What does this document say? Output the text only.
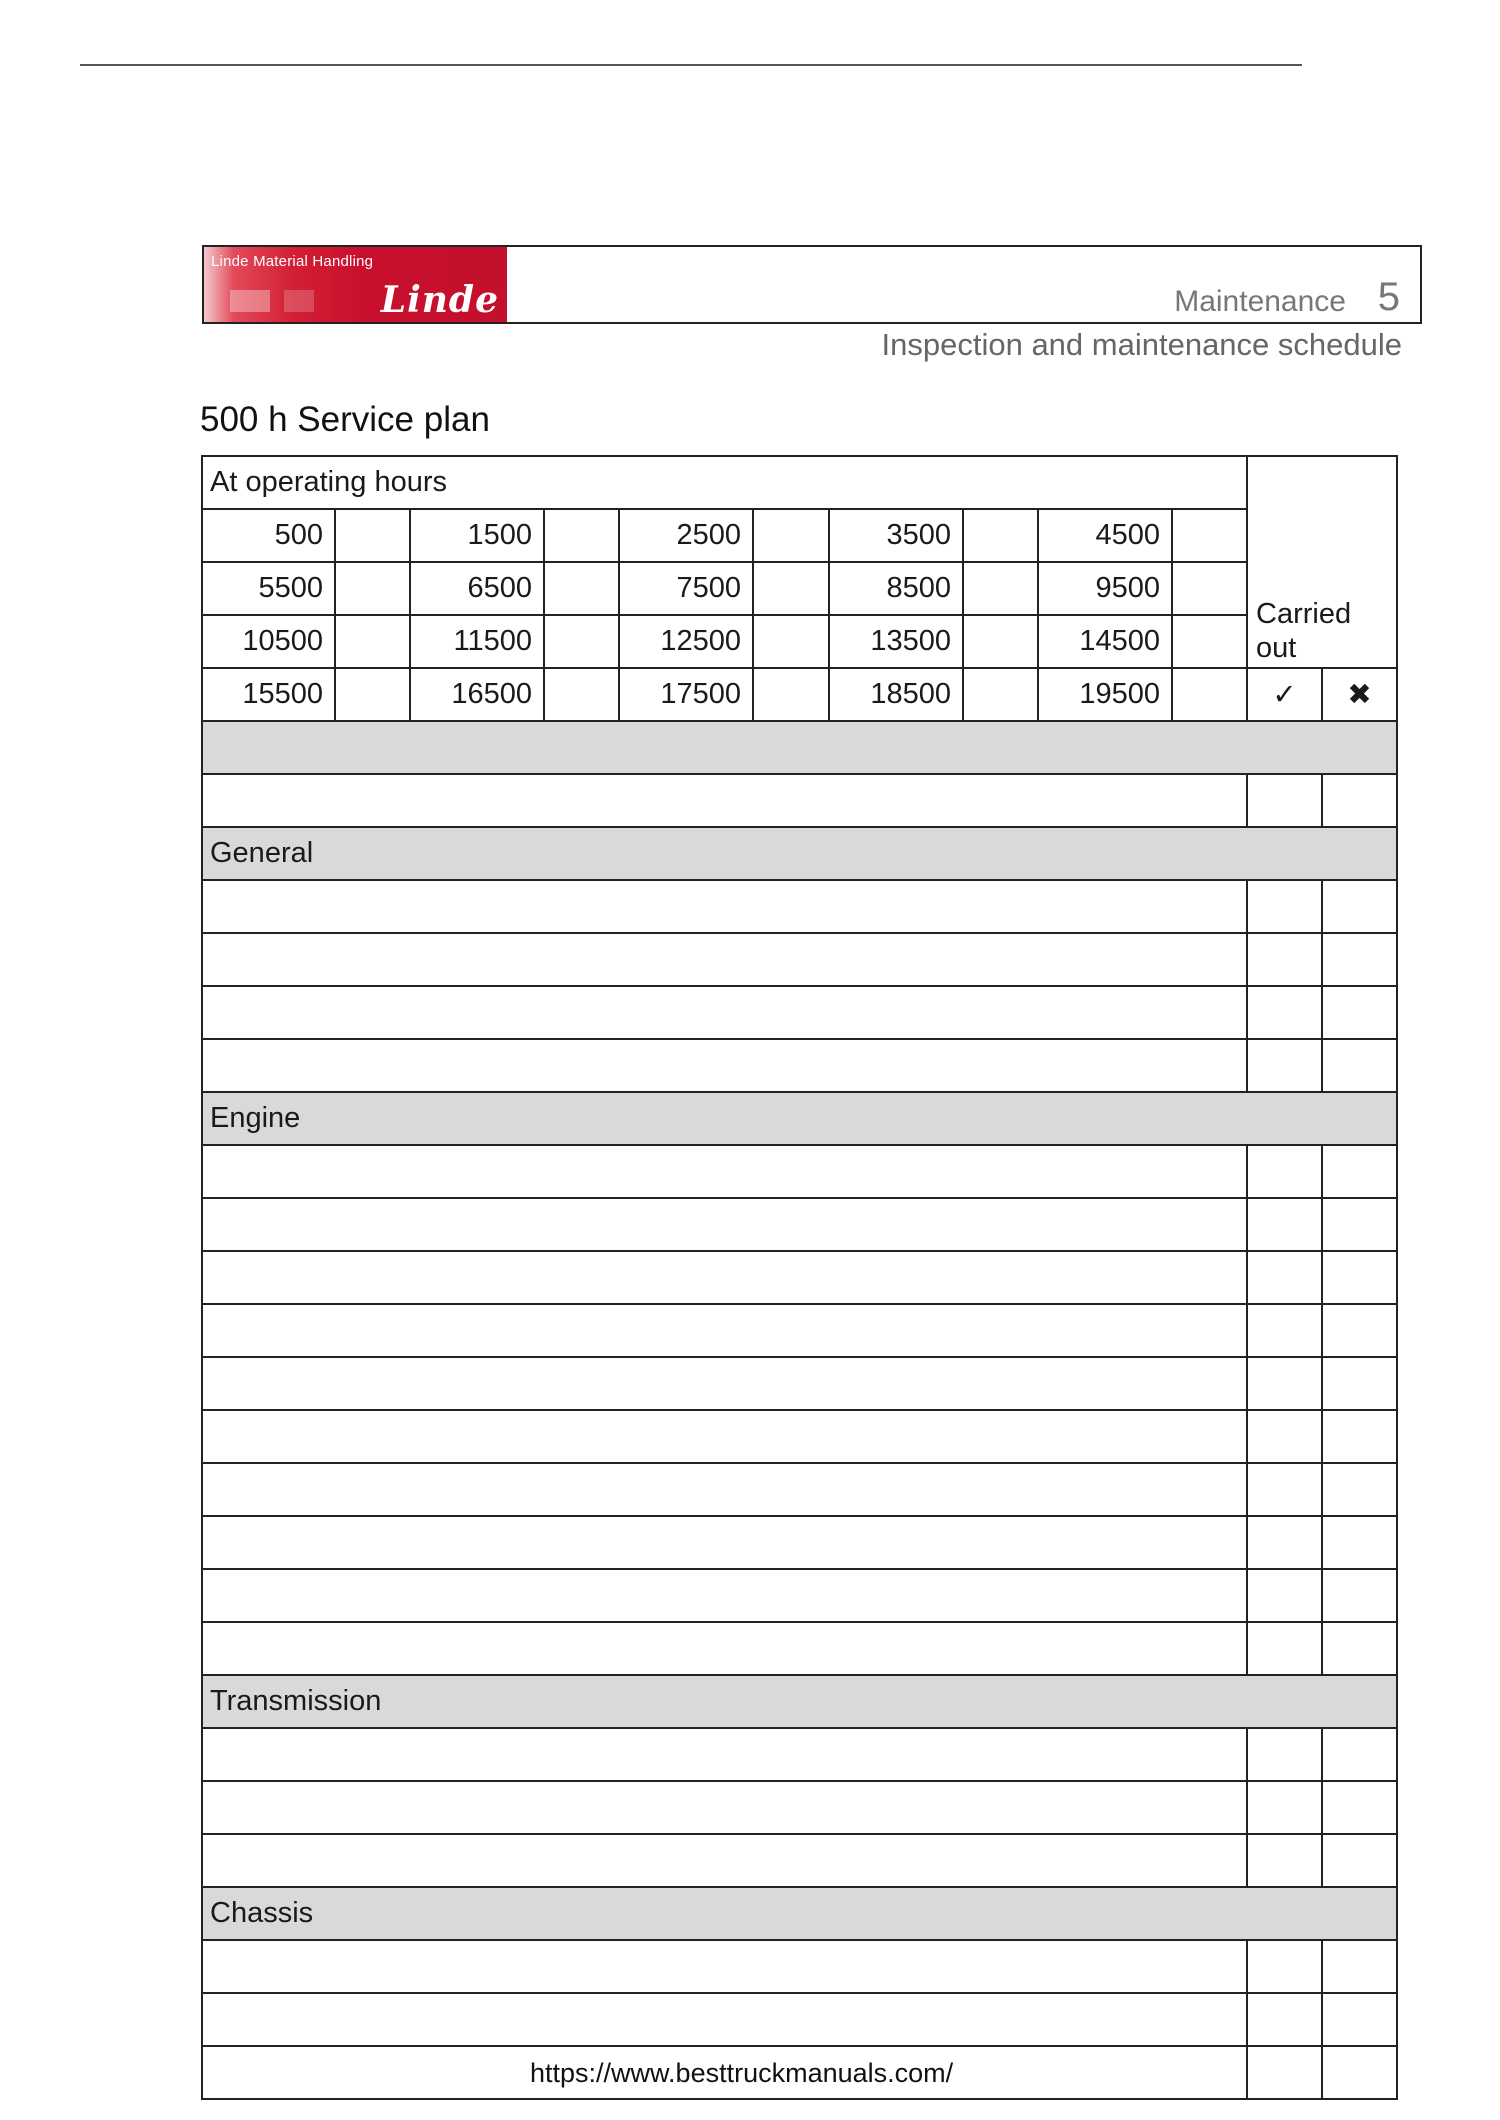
Linde Material Handling
Linde	Maintenance 5
Inspection and maintenance schedule
500 h Service plan
At operating hours										Carried
out	
500		1500		2500		3500		4500			
5500		6500		7500		8500		9500			
10500		11500		12500		13500		14500			
15500		16500		17500		18500		19500		✓	✖

General											

Engine											

Transmission											

Chassis											

https://www.besttruckmanuals.com/
